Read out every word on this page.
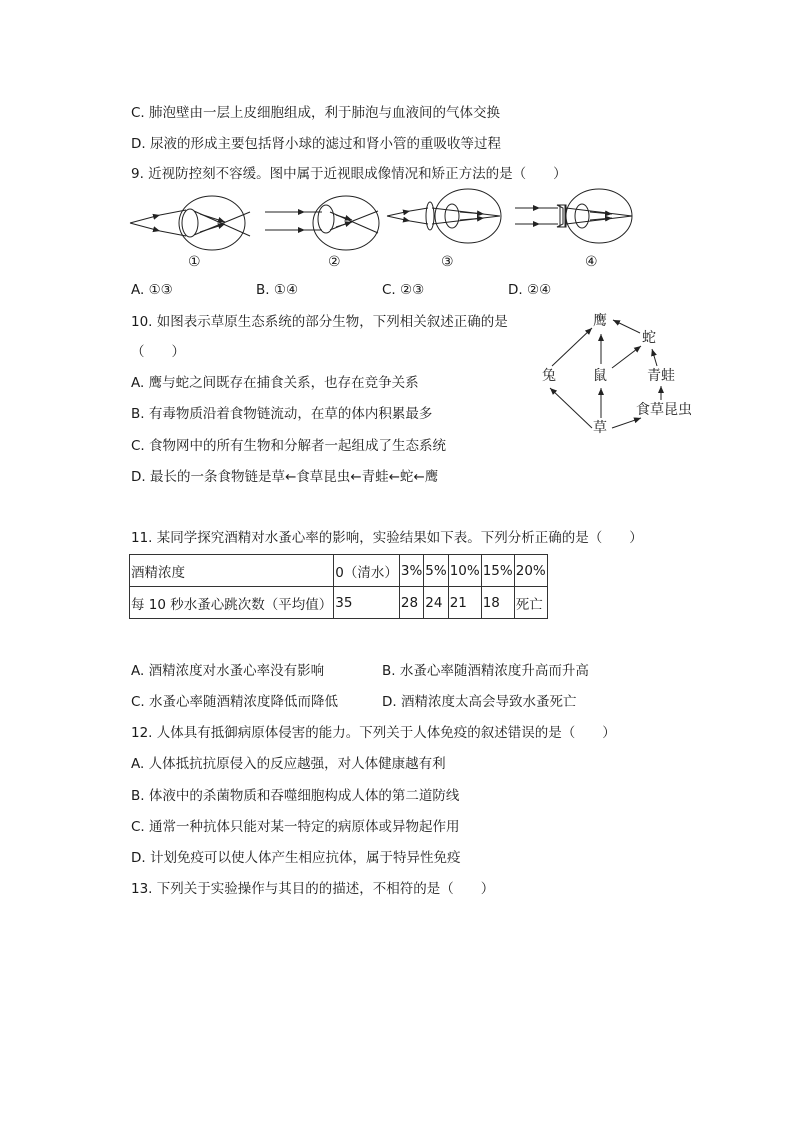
C. 肺泡壁由一层上皮细胞组成，利于肺泡与血液间的气体交换
D. 尿液的形成主要包括肾小球的滤过和肾小管的重吸收等过程
9. 近视防控刻不容缓。图中属于近视眼成像情况和矫正方法的是（　　）
①	②	③	④
A. ①③	B. ①④	C. ②③	D. ②④
10. 如图表示草原生态系统的部分生物，下列相关叙述正确的是
（　　）
A. 鹰与蛇之间既存在捕食关系，也存在竞争关系
B. 有毒物质沿着食物链流动，在草的体内积累最多
C. 食物网中的所有生物和分解者一起组成了生态系统
D. 最长的一条食物链是草←食草昆虫←青蛙←蛇←鹰
鹰
蛇
兔	鼠	青蛙
食草昆虫
草
11. 某同学探究酒精对水蚤心率的影响，实验结果如下表。下列分析正确的是（　　）
酒精浓度	0（清水）	3%	5%	10%	15%	20%
每 10 秒水蚤心跳次数（平均值）	35	28	24	21	18	死亡
A. 酒精浓度对水蚤心率没有影响	B. 水蚤心率随酒精浓度升高而升高
C. 水蚤心率随酒精浓度降低而降低	D. 酒精浓度太高会导致水蚤死亡
12. 人体具有抵御病原体侵害的能力。下列关于人体免疫的叙述错误的是（　　）
A. 人体抵抗抗原侵入的反应越强，对人体健康越有利
B. 体液中的杀菌物质和吞噬细胞构成人体的第二道防线
C. 通常一种抗体只能对某一特定的病原体或异物起作用
D. 计划免疫可以使人体产生相应抗体，属于特异性免疫
13. 下列关于实验操作与其目的的描述，不相符的是（　　）
